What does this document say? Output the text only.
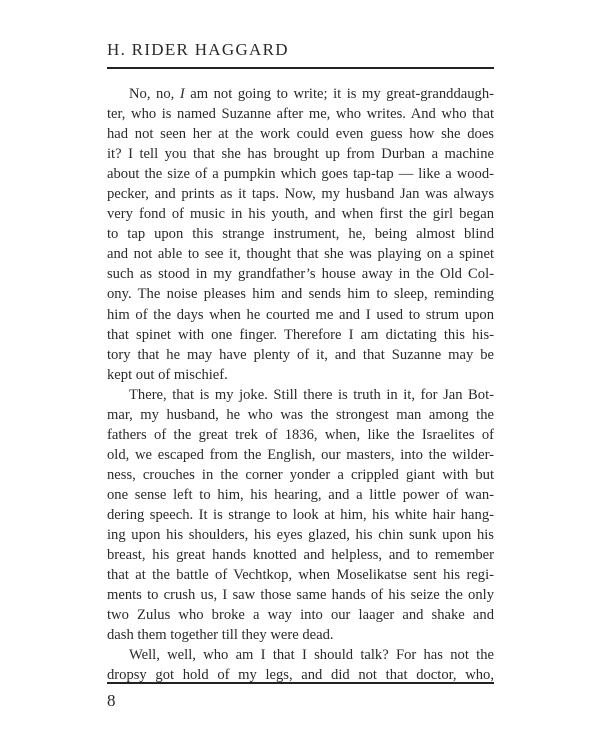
H. RIDER HAGGARD
No, no, I am not going to write; it is my great-granddaugh-
ter, who is named Suzanne after me, who writes. And who that
had not seen her at the work could even guess how she does
it? I tell you that she has brought up from Durban a machine
about the size of a pumpkin which goes tap-tap — like a wood-
pecker, and prints as it taps. Now, my husband Jan was always
very fond of music in his youth, and when first the girl began
to tap upon this strange instrument, he, being almost blind
and not able to see it, thought that she was playing on a spinet
such as stood in my grandfather’s house away in the Old Col-
ony. The noise pleases him and sends him to sleep, reminding
him of the days when he courted me and I used to strum upon
that spinet with one finger. Therefore I am dictating this his-
tory that he may have plenty of it, and that Suzanne may be
kept out of mischief.
There, that is my joke. Still there is truth in it, for Jan Bot-
mar, my husband, he who was the strongest man among the
fathers of the great trek of 1836, when, like the Israelites of
old, we escaped from the English, our masters, into the wilder-
ness, crouches in the corner yonder a crippled giant with but
one sense left to him, his hearing, and a little power of wan-
dering speech. It is strange to look at him, his white hair hang-
ing upon his shoulders, his eyes glazed, his chin sunk upon his
breast, his great hands knotted and helpless, and to remember
that at the battle of Vechtkop, when Moselikatse sent his regi-
ments to crush us, I saw those same hands of his seize the only
two Zulus who broke a way into our laager and shake and
dash them together till they were dead.
Well, well, who am I that I should talk? For has not the
dropsy got hold of my legs, and did not that doctor, who,
8
